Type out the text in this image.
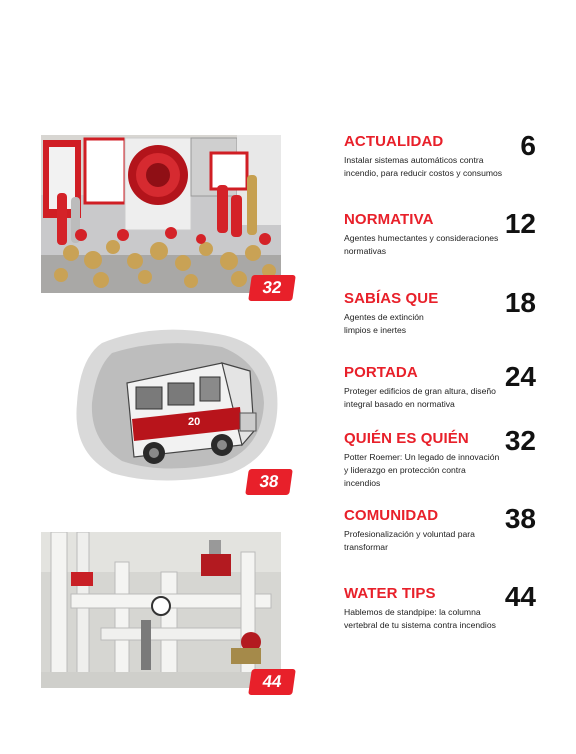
32
20
38
44
ACTUALIDAD
Instalar sistemas automáticos contra incendio, para reducir costos y consumos
6
NORMATIVA
Agentes humectantes y consideraciones normativas
12
SABÍAS QUE
Agentes de extinción limpios e inertes
18
PORTADA
Proteger edificios de gran altura, diseño integral basado en normativa
24
QUIÉN ES QUIÉN
Potter Roemer: Un legado de innovación y liderazgo en protección contra incendios
32
COMUNIDAD
Profesionalización y voluntad para transformar
38
WATER TIPS
Hablemos de standpipe: la columna vertebral de tu sistema contra incendios
44
